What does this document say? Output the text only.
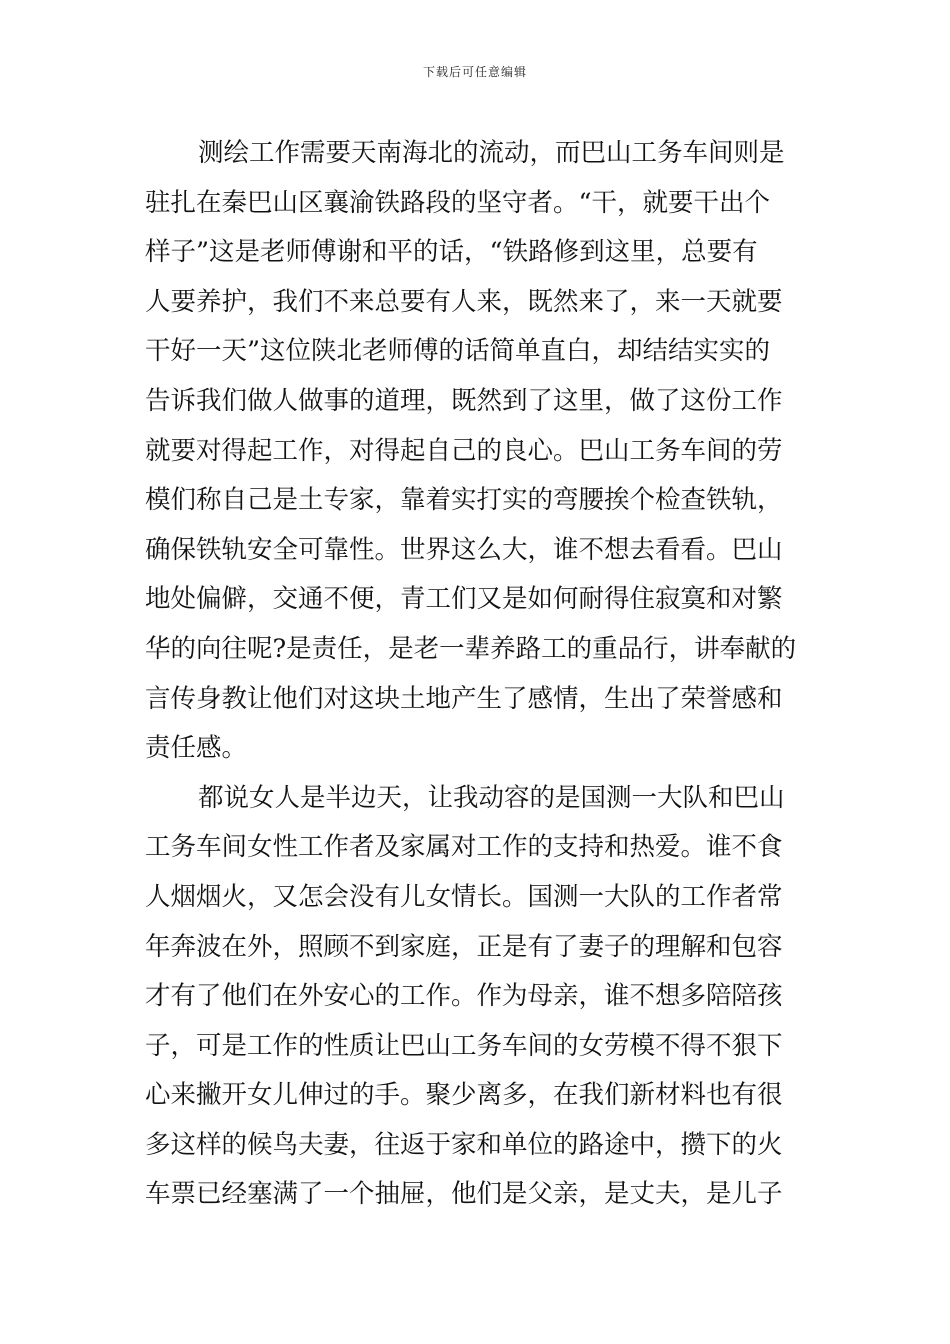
下载后可任意编辑
测绘工作需要天南海北的流动，而巴山工务车间则是
驻扎在秦巴山区襄渝铁路段的坚守者。“干，就要干出个
样子”这是老师傅谢和平的话，“铁路修到这里，总要有
人要养护，我们不来总要有人来，既然来了，来一天就要
干好一天”这位陕北老师傅的话简单直白，却结结实实的
告诉我们做人做事的道理，既然到了这里，做了这份工作
就要对得起工作，对得起自己的良心。巴山工务车间的劳
模们称自己是土专家，靠着实打实的弯腰挨个检查铁轨，
确保铁轨安全可靠性。世界这么大，谁不想去看看。巴山
地处偏僻，交通不便，青工们又是如何耐得住寂寞和对繁
华的向往呢?是责任，是老一辈养路工的重品行，讲奉献的
言传身教让他们对这块土地产生了感情，生出了荣誉感和
责任感。
都说女人是半边天，让我动容的是国测一大队和巴山
工务车间女性工作者及家属对工作的支持和热爱。谁不食
人烟烟火，又怎会没有儿女情长。国测一大队的工作者常
年奔波在外，照顾不到家庭，正是有了妻子的理解和包容
才有了他们在外安心的工作。作为母亲，谁不想多陪陪孩
子，可是工作的性质让巴山工务车间的女劳模不得不狠下
心来撇开女儿伸过的手。聚少离多，在我们新材料也有很
多这样的候鸟夫妻，往返于家和单位的路途中，攒下的火
车票已经塞满了一个抽屉，他们是父亲，是丈夫，是儿子
